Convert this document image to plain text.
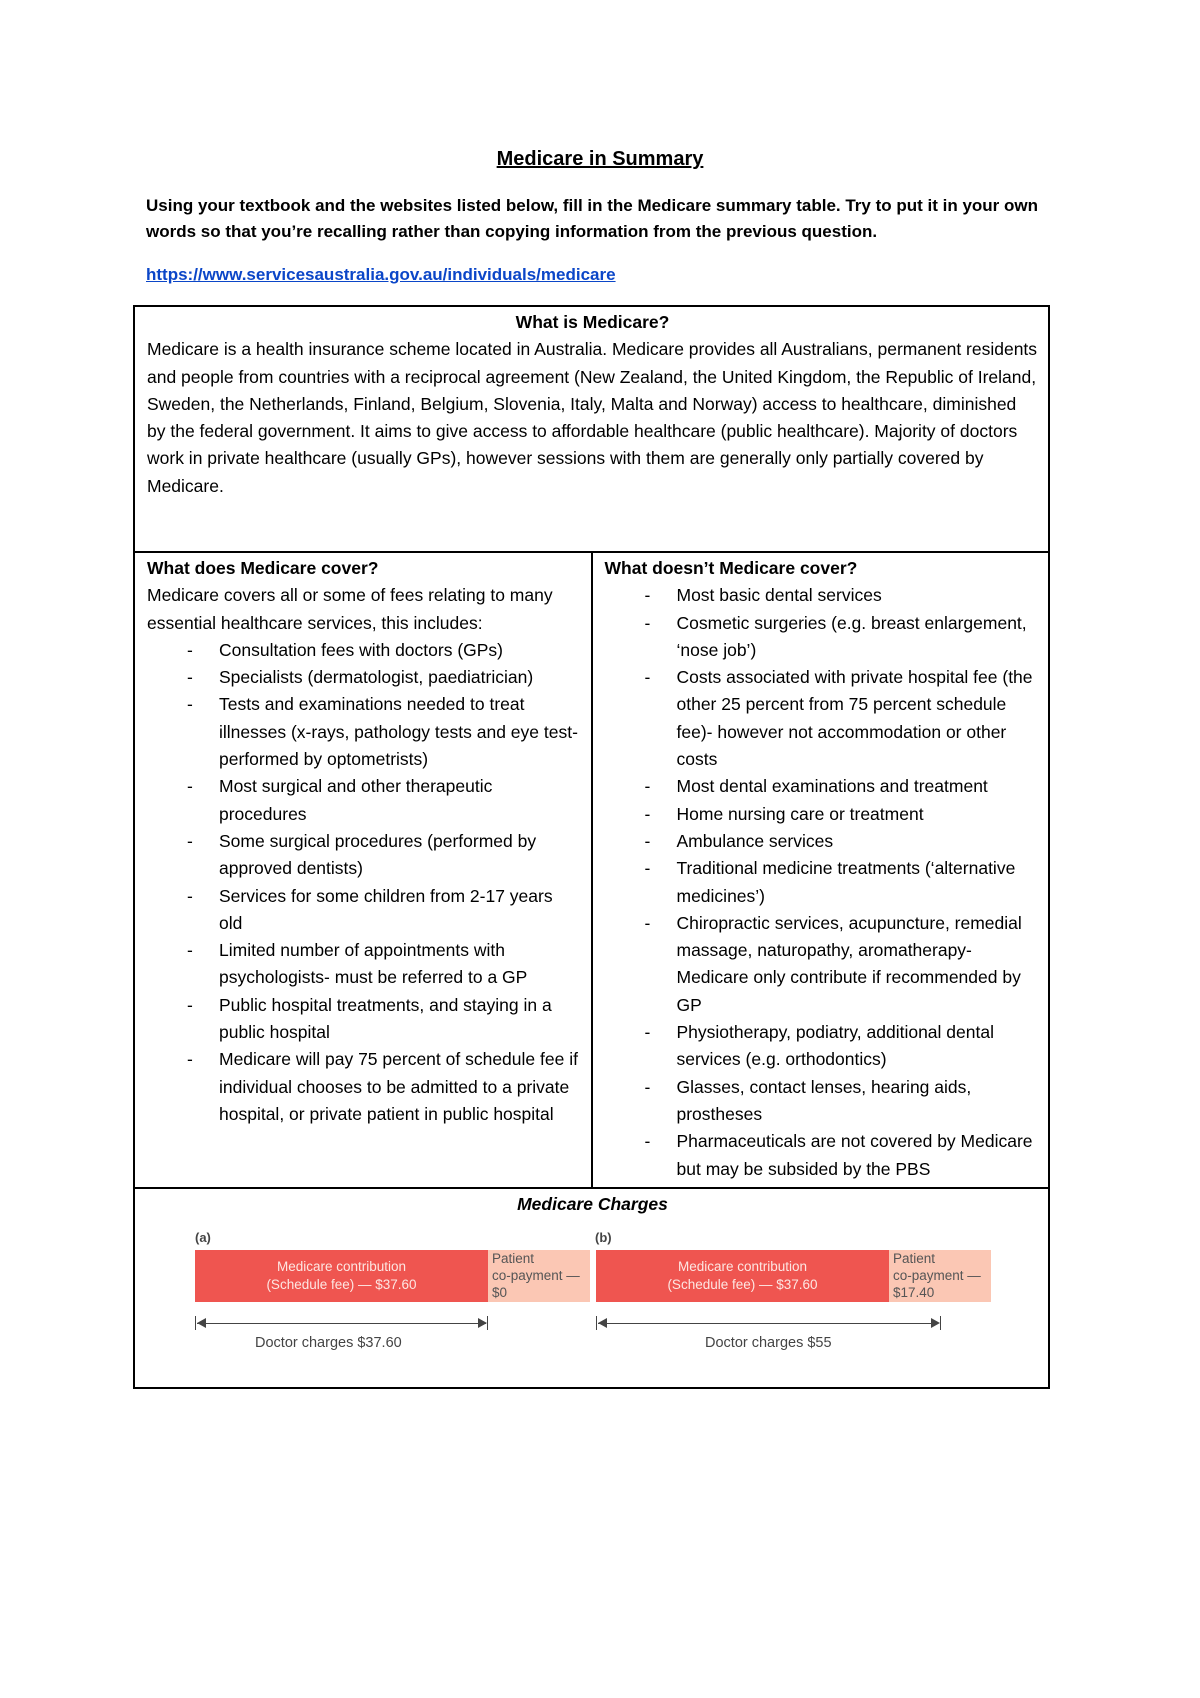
Medicare in Summary
Using your textbook and the websites listed below, fill in the Medicare summary table. Try to put it in your own words so that you’re recalling rather than copying information from the previous question.
https://www.servicesaustralia.gov.au/individuals/medicare
What is Medicare?
Medicare is a health insurance scheme located in Australia. Medicare provides all Australians, permanent residents and people from countries with a reciprocal agreement (New Zealand, the United Kingdom, the Republic of Ireland, Sweden, the Netherlands, Finland, Belgium, Slovenia, Italy, Malta and Norway) access to healthcare, diminished by the federal government. It aims to give access to affordable healthcare (public healthcare). Majority of doctors work in private healthcare (usually GPs), however sessions with them are generally only partially covered by Medicare.

What does Medicare cover?
Medicare covers all or some of fees relating to many essential healthcare services, this includes:
- Consultation fees with doctors (GPs)
- Specialists (dermatologist, paediatrician)
- Tests and examinations needed to treat illnesses (x-rays, pathology tests and eye test- performed by optometrists)
- Most surgical and other therapeutic procedures
- Some surgical procedures (performed by approved dentists)
- Services for some children from 2-17 years old
- Limited number of appointments with psychologists- must be referred to a GP
- Public hospital treatments, and staying in a public hospital
- Medicare will pay 75 percent of schedule fee if individual chooses to be admitted to a private hospital, or private patient in public hospital

What doesn’t Medicare cover?
- Most basic dental services
- Cosmetic surgeries (e.g. breast enlargement, ‘nose job’)
- Costs associated with private hospital fee (the other 25 percent from 75 percent schedule fee)- however not accommodation or other costs
- Most dental examinations and treatment
- Home nursing care or treatment
- Ambulance services
- Traditional medicine treatments (‘alternative medicines’)
- Chiropractic services, acupuncture, remedial massage, naturopathy, aromatherapy- Medicare only contribute if recommended by GP
- Physiotherapy, podiatry, additional dental services (e.g. orthodontics)
- Glasses, contact lenses, hearing aids, prostheses
- Pharmaceuticals are not covered by Medicare but may be subsided by the PBS

Medicare Charges
(a)
Medicare contribution
(Schedule fee) — $37.60
Patient
co-payment —
$0
Doctor charges $37.60
(b)
Medicare contribution
(Schedule fee) — $37.60
Patient
co-payment —
$17.40
Doctor charges $55
